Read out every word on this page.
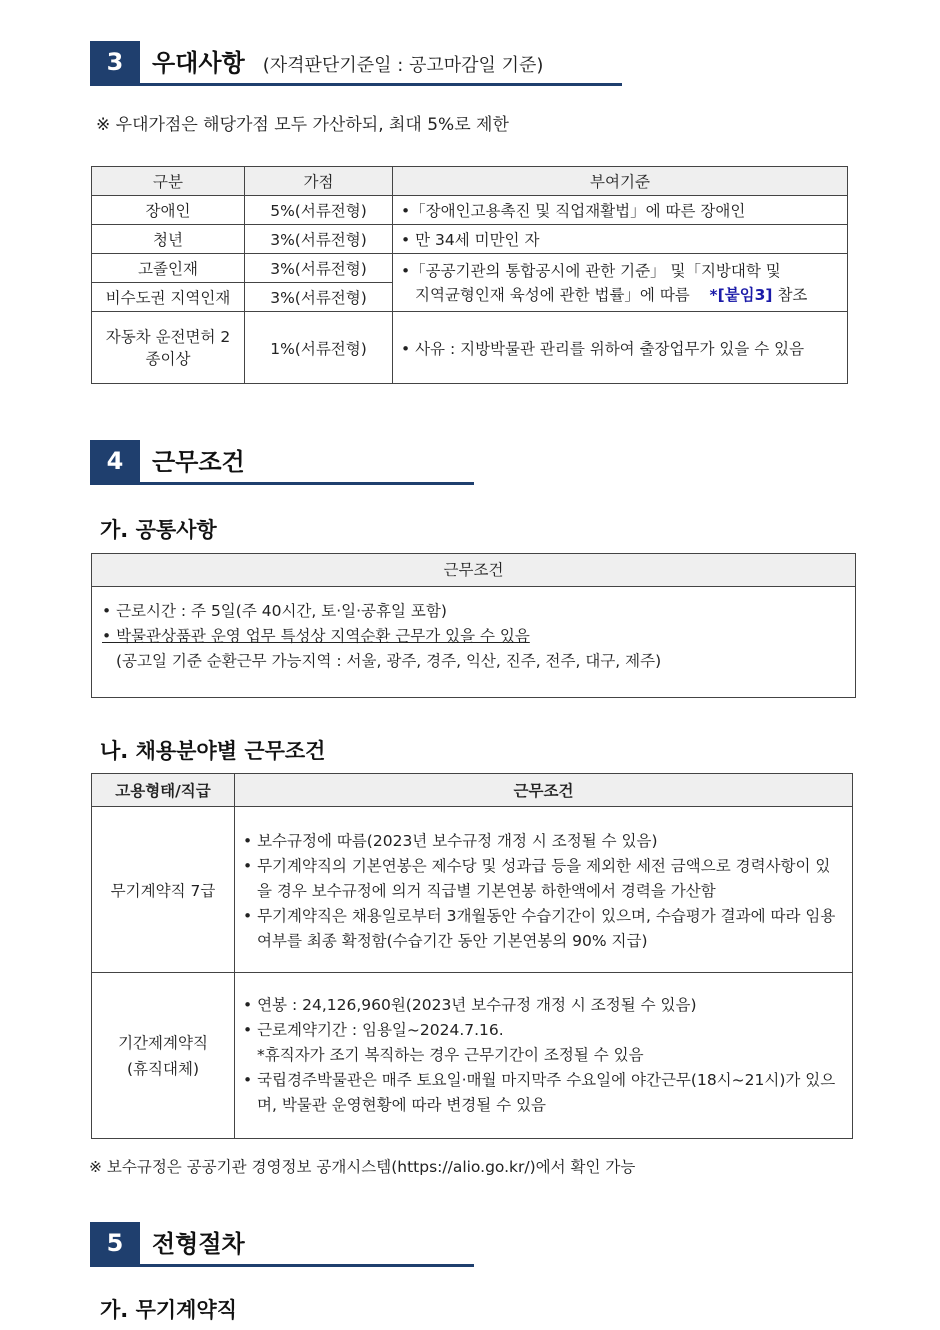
3	우대사항 (자격판단기준일 : 공고마감일 기준)
※ 우대가점은 해당가점 모두 가산하되, 최대 5%로 제한
구분	가점	부여기준
장애인	5%(서류전형)	•「장애인고용촉진 및 직업재활법」에 따른 장애인
청년	3%(서류전형)	• 만 34세 미만인 자
고졸인재	3%(서류전형)	•「공공기관의 통합공시에 관한 기준」 및「지방대학 및
지역균형인재 육성에 관한 법률」에 따름 *[붙임3] 참조

비수도권 지역인재	3%(서류전형)	
자동차 운전면허 2종이상	1%(서류전형)	• 사유 : 지방박물관 관리를 위하여 출장업무가 있을 수 있음
4	근무조건
가. 공통사항
근무조건
• 근로시간 : 주 5일(주 40시간, 토·일·공휴일 포함)
• 박물관상품관 운영 업무 특성상 지역순환 근무가 있을 수 있음
(공고일 기준 순환근무 가능지역 : 서울, 광주, 경주, 익산, 진주, 전주, 대구, 제주)
나. 채용분야별 근무조건
고용형태/직급	근무조건
무기계약직 7급	• 보수규정에 따름(2023년 보수규정 개정 시 조정될 수 있음)
• 무기계약직의 기본연봉은 제수당 및 성과급 등을 제외한 세전 금액으로 경력사항이 있을 경우 보수규정에 의거 직급별 기본연봉 하한액에서 경력을 가산함
• 무기계약직은 채용일로부터 3개월동안 수습기간이 있으며, 수습평가 결과에 따라 임용 여부를 최종 확정함(수습기간 동안 기본연봉의 90% 지급)

기간제계약직
(휴직대체)	• 연봉 : 24,126,960원(2023년 보수규정 개정 시 조정될 수 있음)
• 근로계약기간 : 임용일~2024.7.16.
*휴직자가 조기 복직하는 경우 근무기간이 조정될 수 있음
• 국립경주박물관은 매주 토요일·매월 마지막주 수요일에 야간근무(18시~21시)가 있으며, 박물관 운영현황에 따라 변경될 수 있음
※ 보수규정은 공공기관 경영정보 공개시스템(https://alio.go.kr/)에서 확인 가능
5	전형절차
가. 무기계약직
